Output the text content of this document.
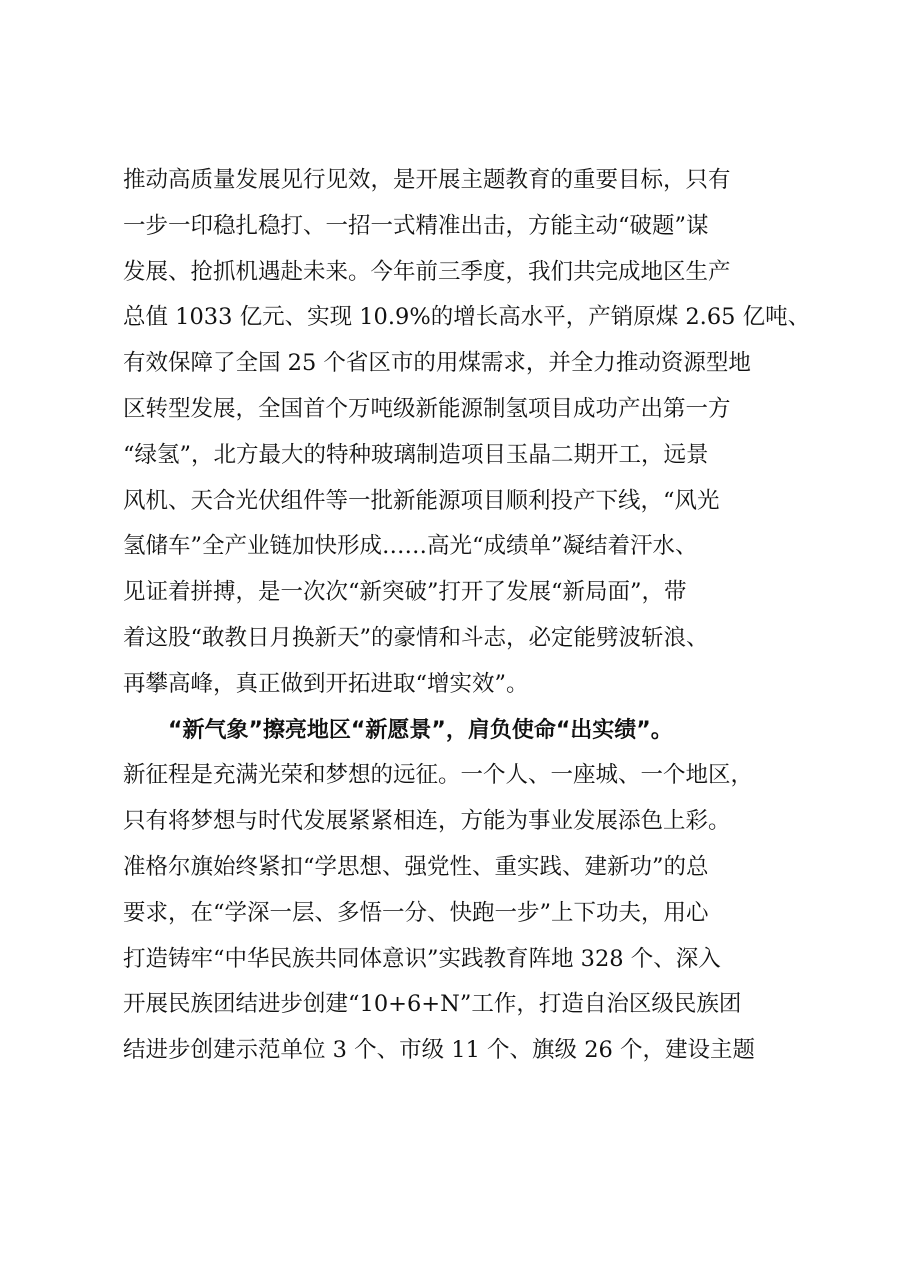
推动高质量发展见行见效，是开展主题教育的重要目标，只有
一步一印稳扎稳打、一招一式精准出击，方能主动“破题”谋
发展、抢抓机遇赴未来。今年前三季度，我们共完成地区生产
总值 1033 亿元、实现 10.9%的增长高水平，产销原煤 2.65 亿吨、
有效保障了全国 25 个省区市的用煤需求，并全力推动资源型地
区转型发展，全国首个万吨级新能源制氢项目成功产出第一方
“绿氢”，北方最大的特种玻璃制造项目玉晶二期开工，远景
风机、天合光伏组件等一批新能源项目顺利投产下线，“风光
氢储车”全产业链加快形成……高光“成绩单”凝结着汗水、
见证着拼搏，是一次次“新突破”打开了发展“新局面”，带
着这股“敢教日月换新天”的豪情和斗志，必定能劈波斩浪、
再攀高峰，真正做到开拓进取“增实效”。
“新气象”擦亮地区“新愿景”，肩负使命“出实绩”。
新征程是充满光荣和梦想的远征。一个人、一座城、一个地区，
只有将梦想与时代发展紧紧相连，方能为事业发展添色上彩。
准格尔旗始终紧扣“学思想、强党性、重实践、建新功”的总
要求，在“学深一层、多悟一分、快跑一步”上下功夫，用心
打造铸牢“中华民族共同体意识”实践教育阵地 328 个、深入
开展民族团结进步创建“10+6+N”工作，打造自治区级民族团
结进步创建示范单位 3 个、市级 11 个、旗级 26 个，建设主题
